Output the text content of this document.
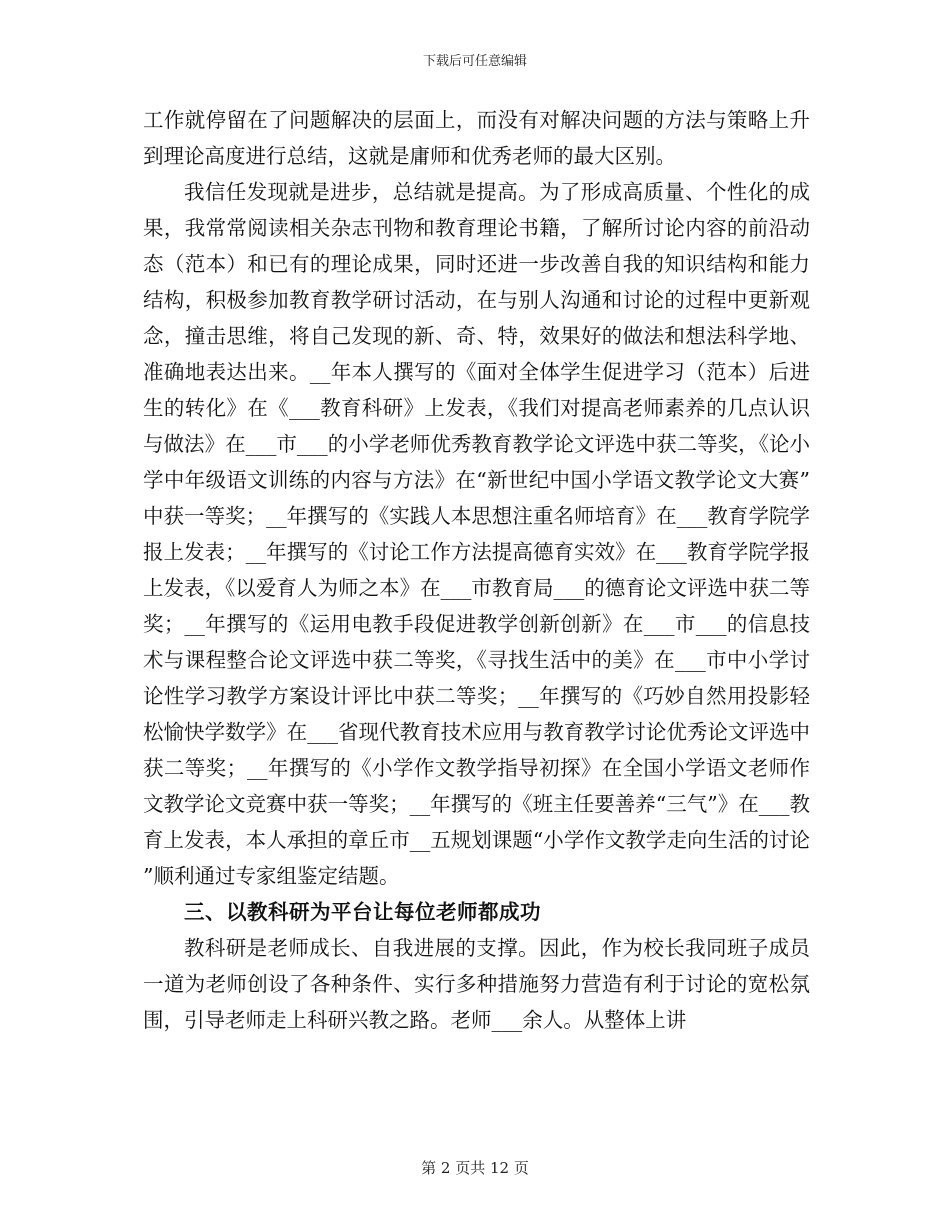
下载后可任意编辑

工作就停留在了问题解决的层面上，而没有对解决问题的方法与策略上升到理论高度进行总结，这就是庸师和优秀老师的最大区别。

我信任发现就是进步，总结就是提高。为了形成高质量、个性化的成果，我常常阅读相关杂志刊物和教育理论书籍，了解所讨论内容的前沿动态（范本）和已有的理论成果，同时还进一步改善自我的知识结构和能力结构，积极参加教育教学研讨活动，在与别人沟通和讨论的过程中更新观念，撞击思维，将自己发现的新、奇、特，效果好的做法和想法科学地、准确地表达出来。__年本人撰写的《面对全体学生促进学习（范本）后进生的转化》在《___教育科研》上发表，《我们对提高老师素养的几点认识与做法》在___市___的小学老师优秀教育教学论文评选中获二等奖，《论小学中年级语文训练的内容与方法》在“新世纪中国小学语文教学论文大赛”中获一等奖；__年撰写的《实践人本思想注重名师培育》在___教育学院学报上发表；__年撰写的《讨论工作方法提高德育实效》在___教育学院学报上发表，《以爱育人为师之本》在___市教育局___的德育论文评选中获二等奖；__年撰写的《运用电教手段促进教学创新创新》在___市___的信息技术与课程整合论文评选中获二等奖，《寻找生活中的美》在___市中小学讨论性学习教学方案设计评比中获二等奖；__年撰写的《巧妙自然用投影轻松愉快学数学》在___省现代教育技术应用与教育教学讨论优秀论文评选中获二等奖；__年撰写的《小学作文教学指导初探》在全国小学语文老师作文教学论文竞赛中获一等奖；__年撰写的《班主任要善养“三气”》在___教育上发表，本人承担的章丘市__五规划课题“小学作文教学走向生活的讨论”顺利通过专家组鉴定结题。

三、以教科研为平台让每位老师都成功

教科研是老师成长、自我进展的支撑。因此，作为校长我同班子成员一道为老师创设了各种条件、实行多种措施努力营造有利于讨论的宽松氛围，引导老师走上科研兴教之路。老师___余人。从整体上讲

第 2 页共 12 页
